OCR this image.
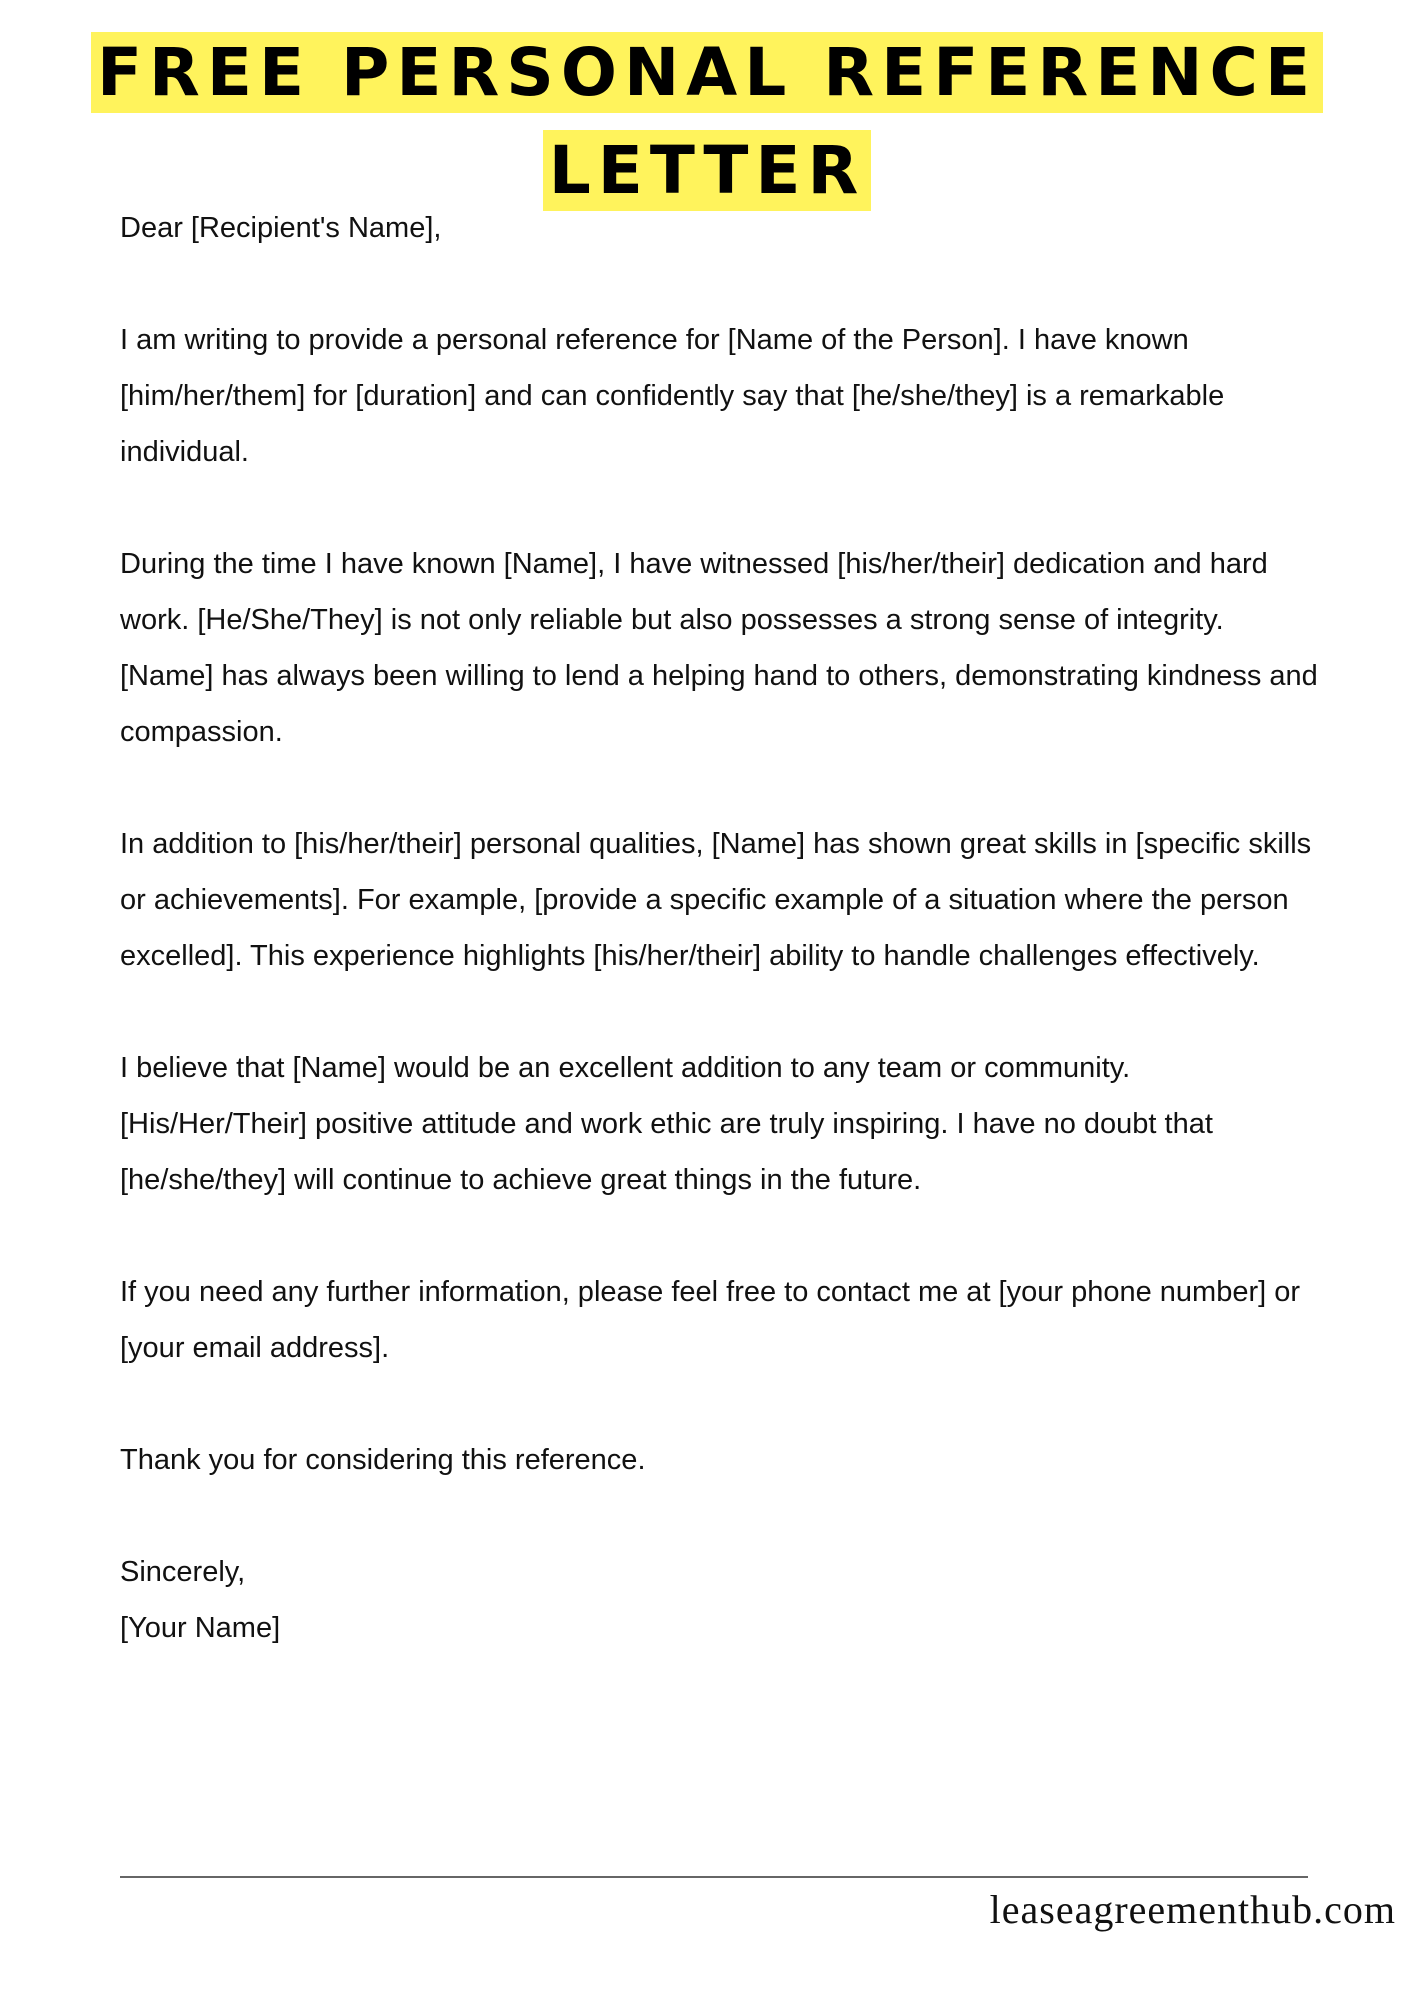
FREE PERSONAL REFERENCE
LETTER

Dear [Recipient's Name],

I am writing to provide a personal reference for [Name of the Person]. I have known [him/her/them] for [duration] and can confidently say that [he/she/they] is a remarkable individual.

During the time I have known [Name], I have witnessed [his/her/their] dedication and hard work. [He/She/They] is not only reliable but also possesses a strong sense of integrity. [Name] has always been willing to lend a helping hand to others, demonstrating kindness and compassion.

In addition to [his/her/their] personal qualities, [Name] has shown great skills in [specific skills or achievements]. For example, [provide a specific example of a situation where the person excelled]. This experience highlights [his/her/their] ability to handle challenges effectively.

I believe that [Name] would be an excellent addition to any team or community. [His/Her/Their] positive attitude and work ethic are truly inspiring. I have no doubt that [he/she/they] will continue to achieve great things in the future.

If you need any further information, please feel free to contact me at [your phone number] or [your email address].

Thank you for considering this reference.

Sincerely,

[Your Name]

leaseagreementhub.com
